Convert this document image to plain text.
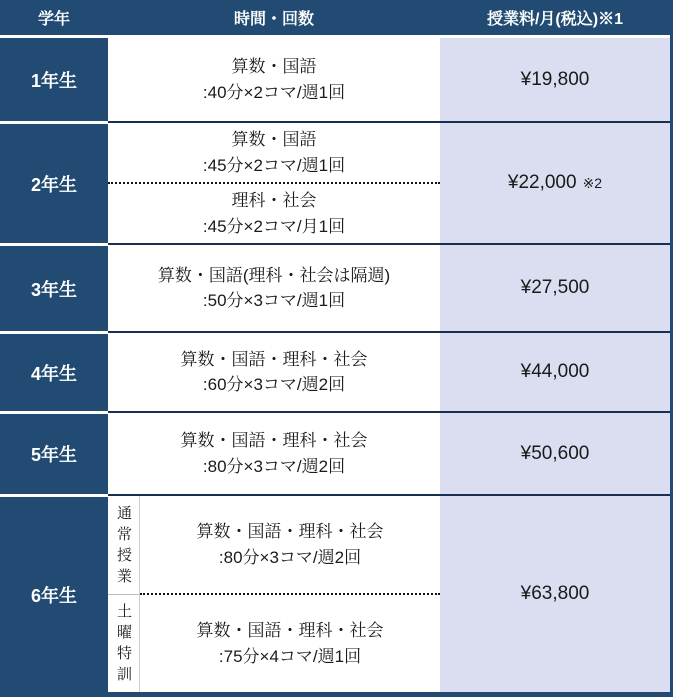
学年	時間・回数	授業料/月(税込)※1
1年生
算数・国語
:40分×2コマ/週1回
¥19,800
2年生
算数・国語
:45分×2コマ/週1回
理科・社会
:45分×2コマ/月1回
¥22,000 ※2
3年生
算数・国語(理科・社会は隔週)
:50分×3コマ/週1回
¥27,500
4年生
算数・国語・理科・社会
:60分×3コマ/週2回
¥44,000
5年生
算数・国語・理科・社会
:80分×3コマ/週2回
¥50,600
6年生
通常授業
土曜特訓
算数・国語・理科・社会
:80分×3コマ/週2回
算数・国語・理科・社会
:75分×4コマ/週1回
¥63,800
